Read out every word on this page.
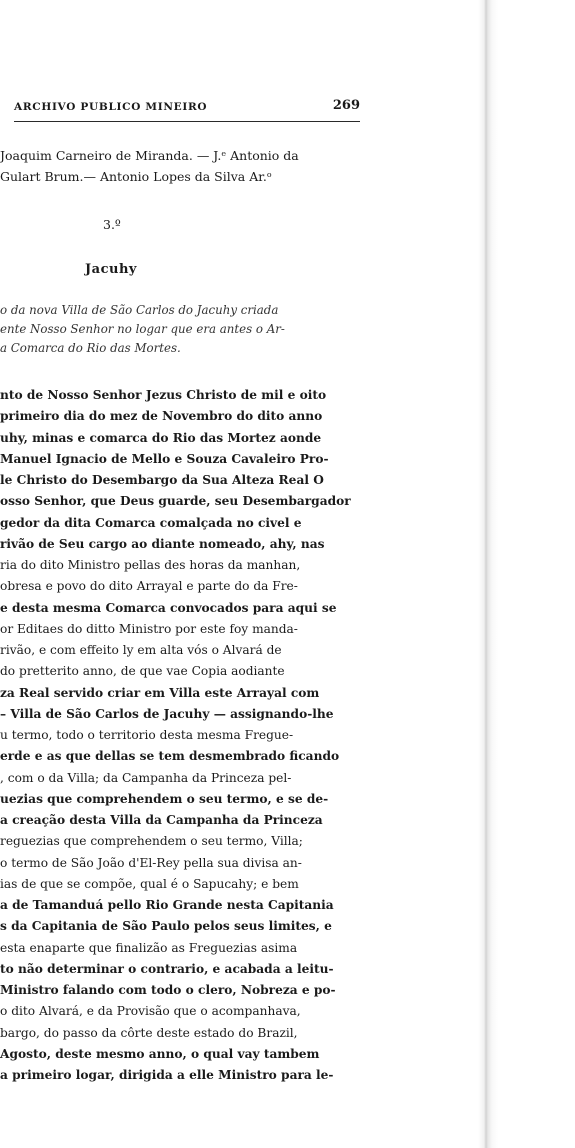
ARCHIVO PUBLICO MINEIRO	269
Joaquim Carneiro de Miranda. — J.ᵉ Antonio da
Gulart Brum.— Antonio Lopes da Silva Ar.ᵒ
3.º
Jacuhy
o da nova Villa de São Carlos do Jacuhy criada
ente Nosso Senhor no logar que era antes o Ar-
a Comarca do Rio das Mortes.
nto de Nosso Senhor Jezus Christo de mil e oito
primeiro dia do mez de Novembro do dito anno
uhy, minas e comarca do Rio das Mortez aonde
Manuel Ignacio de Mello e Souza Cavaleiro Pro-
le Christo do Desembargo da Sua Alteza Real O
osso Senhor, que Deus guarde, seu Desembargador
gedor da dita Comarca comalçada no civel e
rivão de Seu cargo ao diante nomeado, ahy, nas
ria do dito Ministro pellas des horas da manhan,
obresa e povo do dito Arrayal e parte do da Fre-
e desta mesma Comarca convocados para aqui se
or Editaes do ditto Ministro por este foy manda-
rivão, e com effeito ly em alta vós o Alvará de
do pretterito anno, de que vae Copia aodiante
za Real servido criar em Villa este Arrayal com
– Villa de São Carlos de Jacuhy — assignando-lhe
u termo, todo o territorio desta mesma Fregue-
erde e as que dellas se tem desmembrado ficando
, com o da Villa; da Campanha da Princeza pel-
uezias que comprehendem o seu termo, e se de-
a creação desta Villa da Campanha da Princeza
reguezias que comprehendem o seu termo, Villa;
o termo de São João d'El-Rey pella sua divisa an-
ias de que se compõe, qual é o Sapucahy; e bem
a de Tamanduá pello Rio Grande nesta Capitania
s da Capitania de São Paulo pelos seus limites, e
esta enaparte que finalizão as Freguezias asima
to não determinar o contrario, e acabada a leitu-
Ministro falando com todo o clero, Nobreza e po-
o dito Alvará, e da Provisão que o acompanhava,
bargo, do passo da côrte deste estado do Brazil,
Agosto, deste mesmo anno, o qual vay tambem
a primeiro logar, dirigida a elle Ministro para le-
